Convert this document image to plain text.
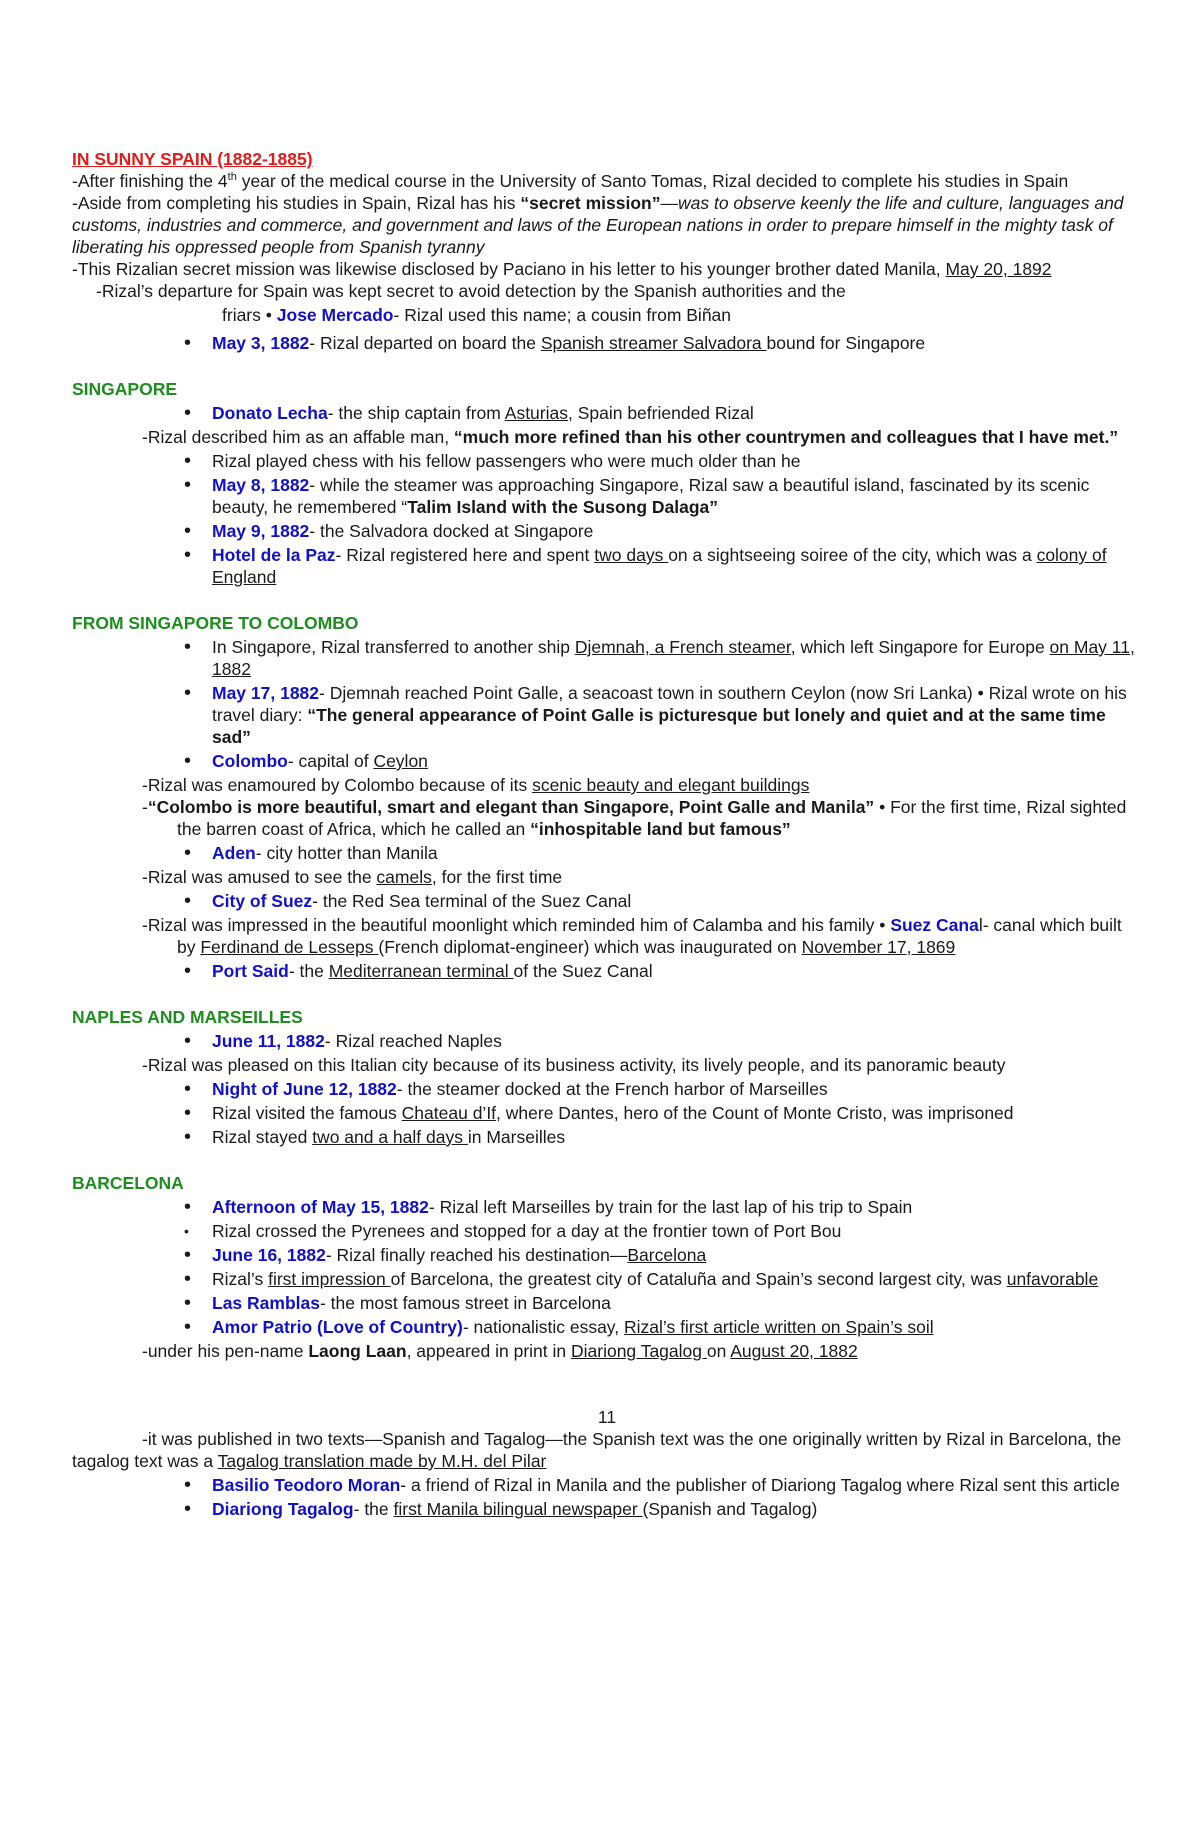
IN SUNNY SPAIN (1882-1885)

-After finishing the 4th year of the medical course in the University of Santo Tomas, Rizal decided to complete his studies in Spain

-Aside from completing his studies in Spain, Rizal has his “secret mission”—was to observe keenly the life and culture, languages and customs, industries and commerce, and government and laws of the European nations in order to prepare himself in the mighty task of liberating his oppressed people from Spanish tyranny

-This Rizalian secret mission was likewise disclosed by Paciano in his letter to his younger brother dated Manila, May 20, 1892

-Rizal’s departure for Spain was kept secret to avoid detection by the Spanish authorities and the

friars • Jose Mercado- Rizal used this name; a cousin from Biñan

• May 3, 1882- Rizal departed on board the Spanish streamer Salvadora bound for Singapore

SINGAPORE

• Donato Lecha- the ship captain from Asturias, Spain befriended Rizal

-Rizal described him as an affable man, “much more refined than his other countrymen and colleagues that I have met.”

• Rizal played chess with his fellow passengers who were much older than he
• May 8, 1882- while the steamer was approaching Singapore, Rizal saw a beautiful island, fascinated by its scenic beauty, he remembered “Talim Island with the Susong Dalaga”
• May 9, 1882- the Salvadora docked at Singapore
• Hotel de la Paz- Rizal registered here and spent two days on a sightseeing soiree of the city, which was a colony of England

FROM SINGAPORE TO COLOMBO

• In Singapore, Rizal transferred to another ship Djemnah, a French steamer, which left Singapore for Europe on May 11, 1882
• May 17, 1882- Djemnah reached Point Galle, a seacoast town in southern Ceylon (now Sri Lanka) • Rizal wrote on his travel diary: “The general appearance of Point Galle is picturesque but lonely and quiet and at the same time sad”
• Colombo- capital of Ceylon

-Rizal was enamoured by Colombo because of its scenic beauty and elegant buildings

-“Colombo is more beautiful, smart and elegant than Singapore, Point Galle and Manila” • For the first time, Rizal sighted the barren coast of Africa, which he called an “inhospitable land but famous”

• Aden- city hotter than Manila

-Rizal was amused to see the camels, for the first time

• City of Suez- the Red Sea terminal of the Suez Canal

-Rizal was impressed in the beautiful moonlight which reminded him of Calamba and his family • Suez Canal- canal which built by Ferdinand de Lesseps (French diplomat-engineer) which was inaugurated on November 17, 1869

• Port Said- the Mediterranean terminal of the Suez Canal

NAPLES AND MARSEILLES

• June 11, 1882- Rizal reached Naples

-Rizal was pleased on this Italian city because of its business activity, its lively people, and its panoramic beauty

• Night of June 12, 1882- the steamer docked at the French harbor of Marseilles
• Rizal visited the famous Chateau d’If, where Dantes, hero of the Count of Monte Cristo, was imprisoned
• Rizal stayed two and a half days in Marseilles

BARCELONA

• Afternoon of May 15, 1882- Rizal left Marseilles by train for the last lap of his trip to Spain
• Rizal crossed the Pyrenees and stopped for a day at the frontier town of Port Bou
• June 16, 1882- Rizal finally reached his destination—Barcelona
• Rizal’s first impression of Barcelona, the greatest city of Cataluña and Spain’s second largest city, was unfavorable
• Las Ramblas- the most famous street in Barcelona
• Amor Patrio (Love of Country)- nationalistic essay, Rizal’s first article written on Spain’s soil

-under his pen-name Laong Laan, appeared in print in Diariong Tagalog on August 20, 1882

11

-it was published in two texts—Spanish and Tagalog—the Spanish text was the one originally written by Rizal in Barcelona, the tagalog text was a Tagalog translation made by M.H. del Pilar

• Basilio Teodoro Moran- a friend of Rizal in Manila and the publisher of Diariong Tagalog where Rizal sent this article
• Diariong Tagalog- the first Manila bilingual newspaper (Spanish and Tagalog)
